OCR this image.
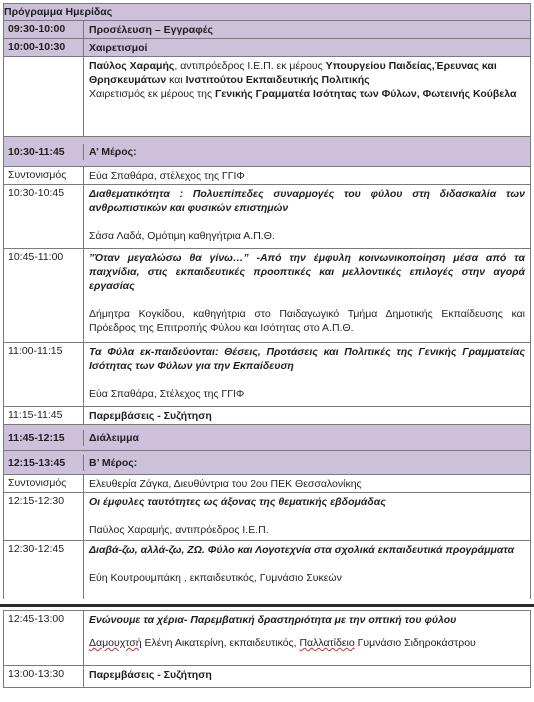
Πρόγραμμα Ημερίδας
09:30-10:00	Προσέλευση – Εγγραφές
10:00-10:30	Χαιρετισμοί
Παύλος Χαραμής, αντιπρόεδρος Ι.Ε.Π. εκ μέρους Υπουργείου Παιδείας,Έρευνας και Θρησκευμάτων και Ινστιτούτου Εκπαιδευτικής Πολιτικής
Χαιρετισμός εκ μέρους της Γενικής Γραμματέα Ισότητας των Φύλων, Φωτεινής Κούβελα
10:30-11:45	Α’ Μέρος:
Συντονισμός	Εύα Σπαθάρα, στέλεχος της ΓΓΙΦ
10:30-10:45	Διαθεματικότητα : Πολυεπίπεδες συναρμογές του φύλου στη διδασκαλία των ανθρωπιστικών και φυσικών επιστημών
Σάσα Λαδά, Ομότιμη καθηγήτρια Α.Π.Θ.
10:45-11:00	”Όταν μεγαλώσω θα γίνω…” -Από την έμφυλη κοινωνικοποίηση μέσα από τα παιχνίδια, στις εκπαιδευτικές προοπτικές και μελλοντικές επιλογές στην αγορά εργασίας
Δήμητρα Κογκίδου, καθηγήτρια στο Παιδαγωγικό Τμήμα Δημοτικής Εκπαίδευσης και Πρόεδρος της Επιτροπής Φύλου και Ισότητας στο Α.Π.Θ.
11:00-11:15	Τα Φύλα εκ-παιδεύονται: Θέσεις, Προτάσεις και Πολιτικές της Γενικής Γραμματείας Ισότητας των Φύλων για την Εκπαίδευση
Εύα Σπαθάρα, Στέλεχος της ΓΓΙΦ
11:15-11:45	Παρεμβάσεις - Συζήτηση
11:45-12:15	Διάλειμμα
12:15-13:45	Β’ Μέρος:
Συντονισμός	Ελευθερία Ζάγκα, Διευθύντρια του 2ου ΠΕΚ Θεσσαλονίκης
12:15-12:30	Οι έμφυλες ταυτότητες ως άξονας της θεματικής εβδομάδας
Παύλος Χαραμής, αντιπρόεδρος Ι.Ε.Π.
12:30-12:45	Διαβά-ζω, αλλά-ζω, ΖΩ. Φύλο και Λογοτεχνία στα σχολικά εκπαιδευτικά προγράμματα
Εύη Κουτρουμπάκη , εκπαιδευτικός, Γυμνάσιο Συκεών
12:45-13:00	Ενώνουμε τα χέρια- Παρεμβατική δραστηριότητα με την οπτική του φύλου
Δαμουχτσή Ελένη Αικατερίνη, εκπαιδευτικός, Παλλατίδειο Γυμνάσιο Σιδηροκάστρου
13:00-13:30	Παρεμβάσεις - Συζήτηση
